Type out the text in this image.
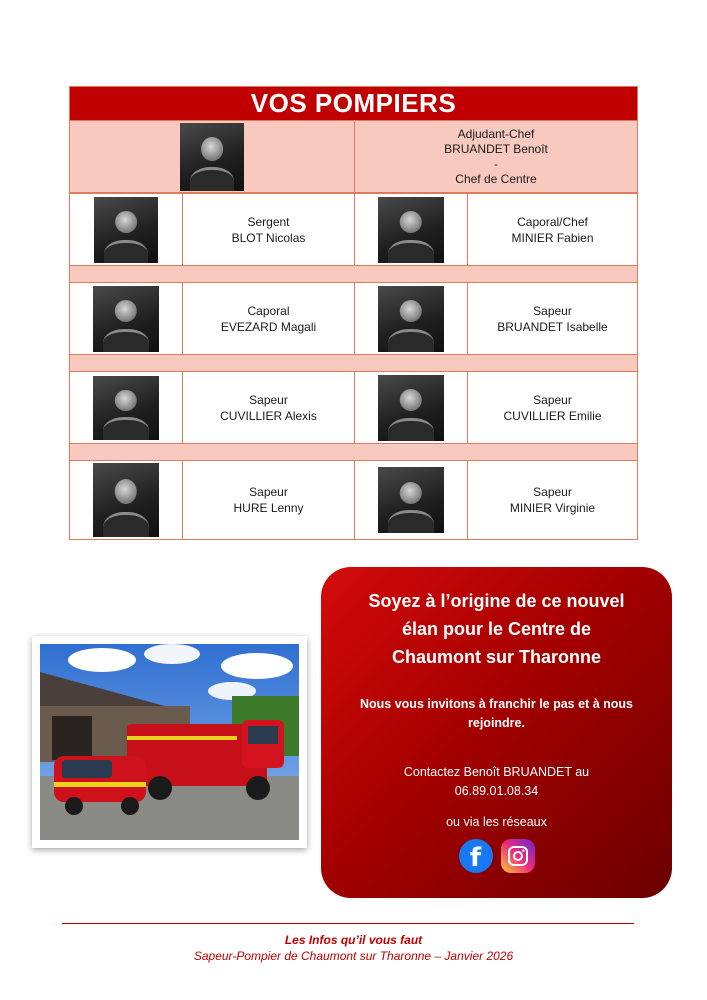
VOS POMPIERS
Adjudant-Chef
BRUANDET Benoît
-
Chef de Centre
Sergent
BLOT Nicolas
Caporal/Chef
MINIER Fabien
Caporal
EVEZARD Magali
Sapeur
BRUANDET Isabelle
Sapeur
CUVILLIER Alexis
Sapeur
CUVILLIER Emilie
Sapeur
HURE Lenny
Sapeur
MINIER Virginie
Soyez à l’origine de ce nouvel
élan pour le Centre de
Chaumont sur Tharonne
Nous vous invitons à franchir le pas et à nous
rejoindre.
Contactez Benoît BRUANDET au
06.89.01.08.34
ou via les réseaux
f
Les Infos qu’il vous faut
Sapeur-Pompier de Chaumont sur Tharonne – Janvier 2026
